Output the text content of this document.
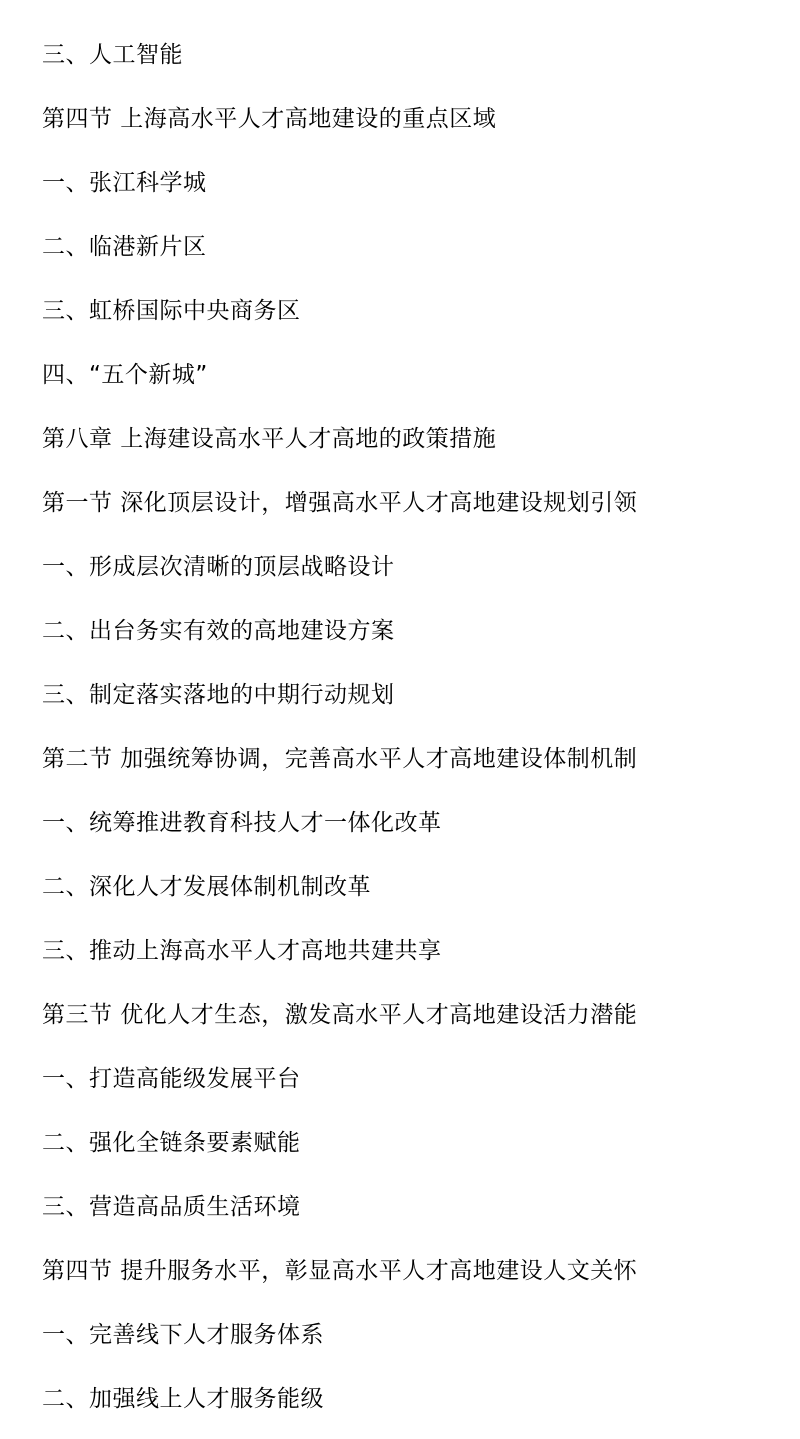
三、人工智能

第四节 上海高水平人才高地建设的重点区域

一、张江科学城

二、临港新片区

三、虹桥国际中央商务区

四、“五个新城”

第八章 上海建设高水平人才高地的政策措施

第一节 深化顶层设计，增强高水平人才高地建设规划引领

一、形成层次清晰的顶层战略设计

二、出台务实有效的高地建设方案

三、制定落实落地的中期行动规划

第二节 加强统筹协调，完善高水平人才高地建设体制机制

一、统筹推进教育科技人才一体化改革

二、深化人才发展体制机制改革

三、推动上海高水平人才高地共建共享

第三节 优化人才生态，激发高水平人才高地建设活力潜能

一、打造高能级发展平台

二、强化全链条要素赋能

三、营造高品质生活环境

第四节 提升服务水平，彰显高水平人才高地建设人文关怀

一、完善线下人才服务体系

二、加强线上人才服务能级
